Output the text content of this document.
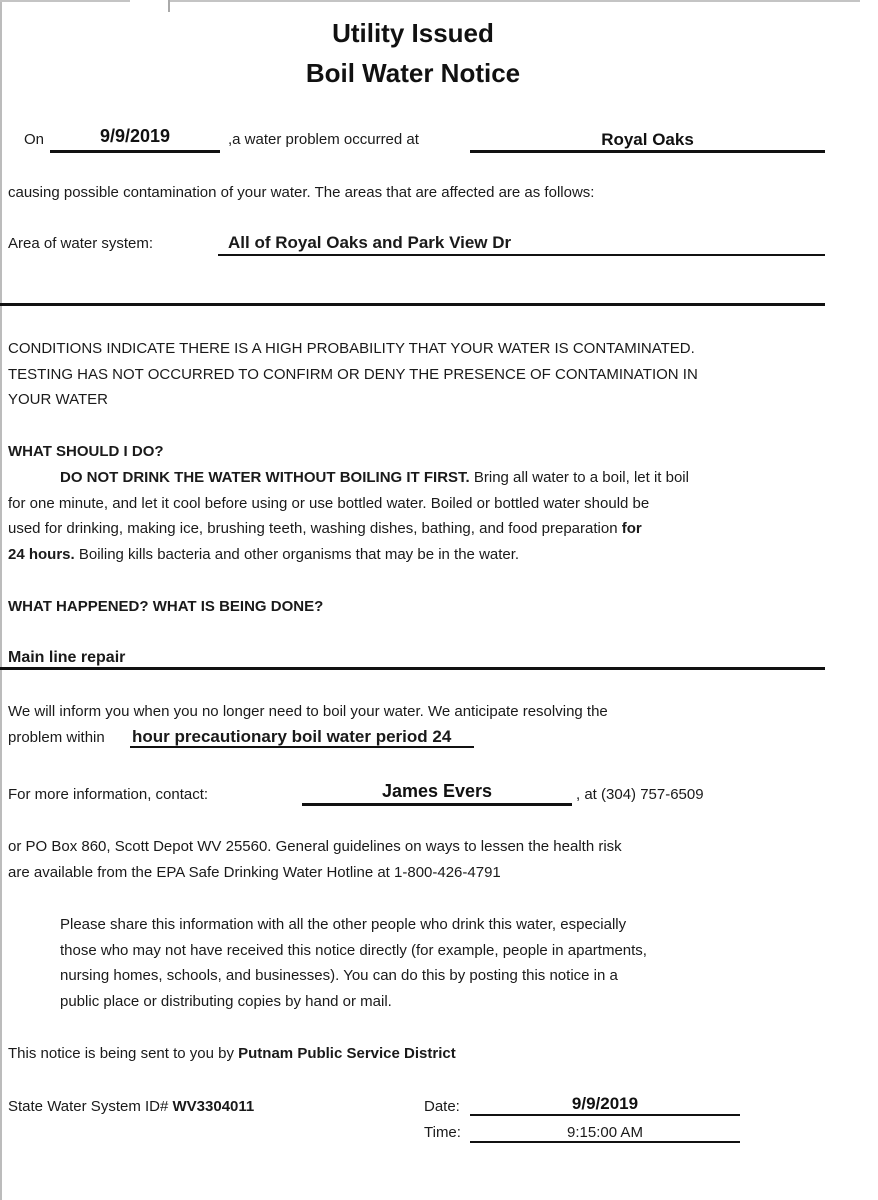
Utility Issued
Boil Water Notice
On	9/9/2019	,a water problem occurred at	Royal Oaks
causing possible contamination of your water. The areas that are affected are as follows:
Area of water system:	All of Royal Oaks and Park View Dr
CONDITIONS INDICATE THERE IS A HIGH PROBABILITY THAT YOUR WATER IS CONTAMINATED.
TESTING HAS NOT OCCURRED TO CONFIRM OR DENY THE PRESENCE OF CONTAMINATION IN
YOUR WATER
WHAT SHOULD I DO?
DO NOT DRINK THE WATER WITHOUT BOILING IT FIRST. Bring all water to a boil, let it boil
for one minute, and let it cool before using or use bottled water. Boiled or bottled water should be
used for drinking, making ice, brushing teeth, washing dishes, bathing, and food preparation for
24 hours. Boiling kills bacteria and other organisms that may be in the water.
WHAT HAPPENED? WHAT IS BEING DONE?
Main line repair
We will inform you when you no longer need to boil your water. We anticipate resolving the
problem within 24 hour precautionary boil water period
For more information, contact:	James Evers	, at (304) 757-6509
or PO Box 860, Scott Depot WV 25560. General guidelines on ways to lessen the health risk
are available from the EPA Safe Drinking Water Hotline at 1-800-426-4791
Please share this information with all the other people who drink this water, especially
those who may not have received this notice directly (for example, people in apartments,
nursing homes, schools, and businesses). You can do this by posting this notice in a
public place or distributing copies by hand or mail.
This notice is being sent to you by Putnam Public Service District
State Water System ID# WV3304011	Date:	9/9/2019
Time:	9:15:00 AM
